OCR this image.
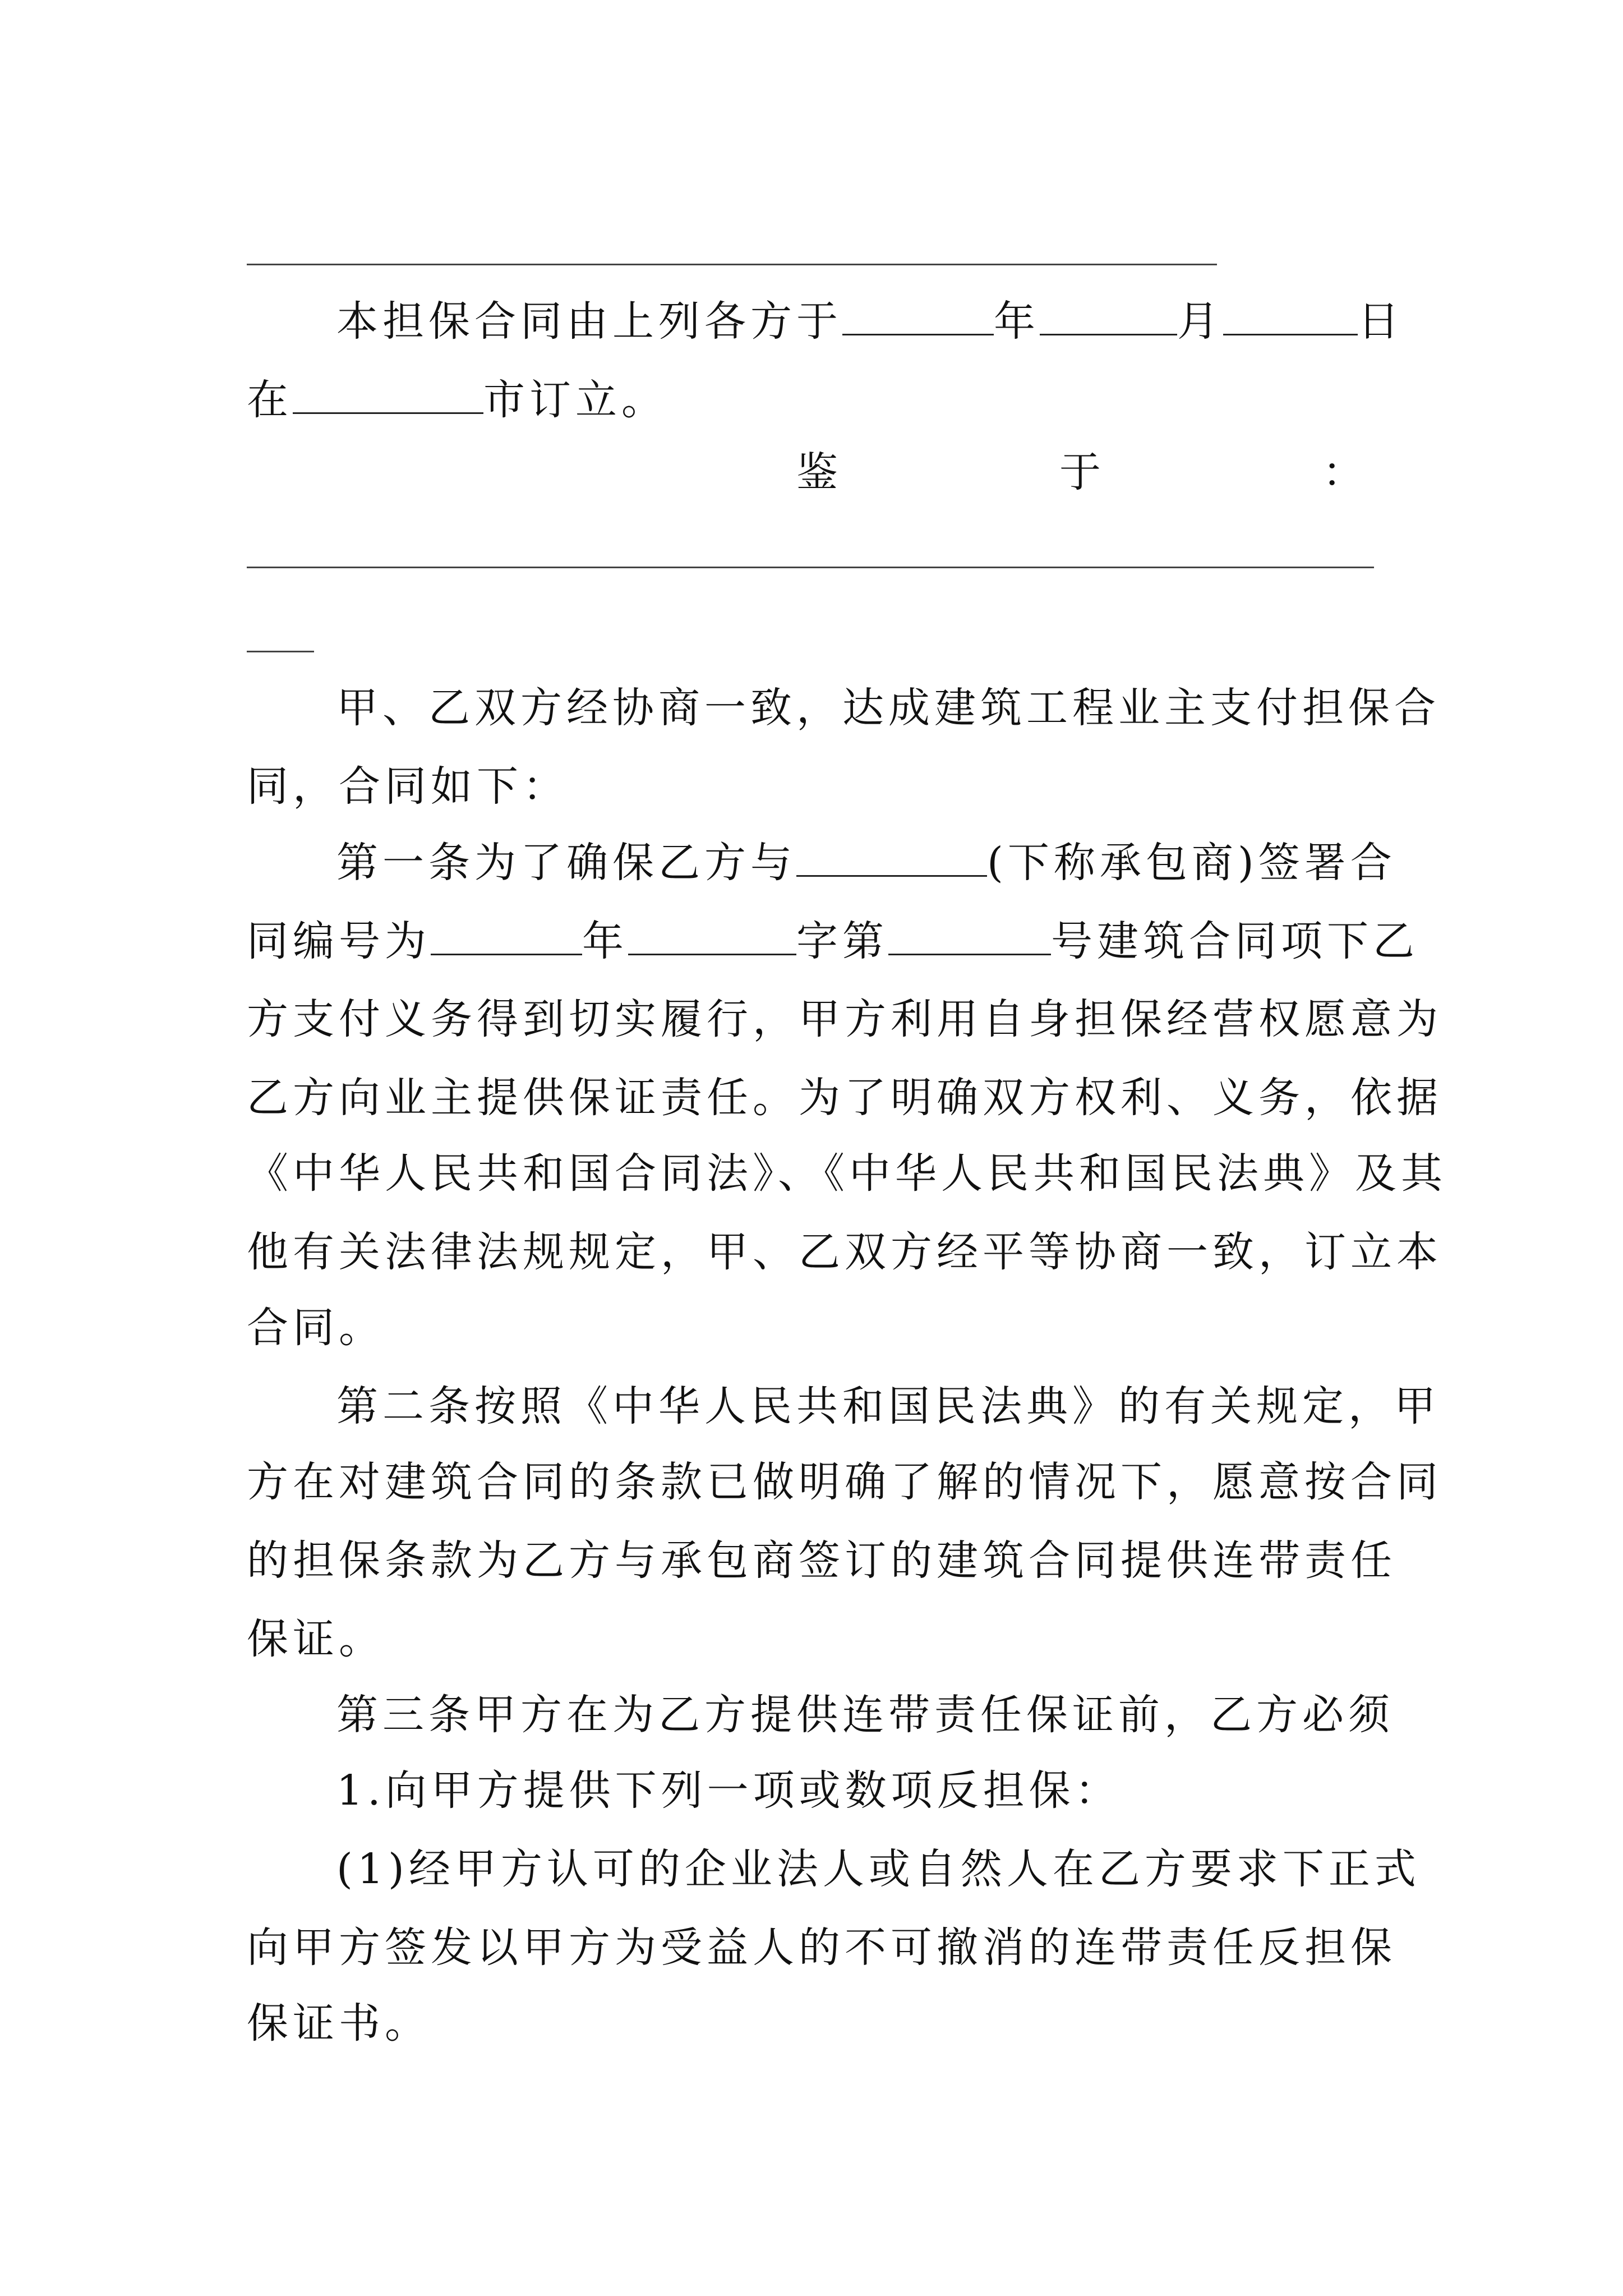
本担保合同由上列各方于	年	月	日
在	市订立。
鉴	于	：
甲、乙双方经协商一致，达成建筑工程业主支付担保合
同，合同如下：
第一条为了确保乙方与	(下称承包商)签署合
同编号为	年	字第	号建筑合同项下乙
方支付义务得到切实履行，甲方利用自身担保经营权愿意为
乙方向业主提供保证责任。为了明确双方权利、义务，依据
《中华人民共和国合同法》、《中华人民共和国民法典》及其
他有关法律法规规定，甲、乙双方经平等协商一致，订立本
合同。
第二条按照《中华人民共和国民法典》的有关规定，甲
方在对建筑合同的条款已做明确了解的情况下，愿意按合同
的担保条款为乙方与承包商签订的建筑合同提供连带责任
保证。
第三条甲方在为乙方提供连带责任保证前，乙方必须
1.向甲方提供下列一项或数项反担保：
(1)经甲方认可的企业法人或自然人在乙方要求下正式
向甲方签发以甲方为受益人的不可撤消的连带责任反担保
保证书。
